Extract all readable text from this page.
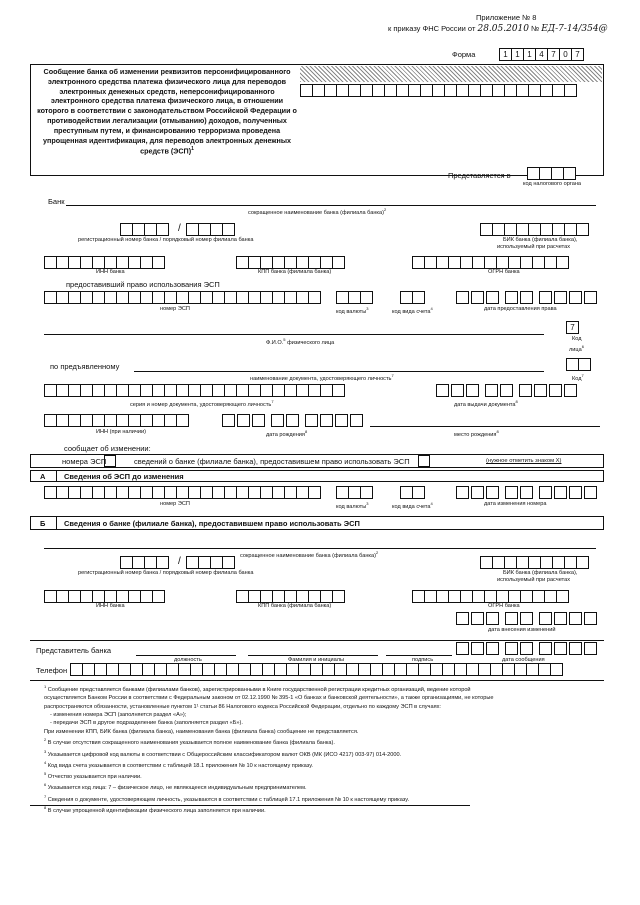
Приложение № 8
к приказу ФНС России от 28.05.2010 № ЕД-7-14/354@
Форма	1 1 1 4 7 0 7
Сообщение банка об изменении реквизитов персонифицированного электронного средства платежа физического лица для переводов электронных денежных средств, неперсонифицированного электронного средства платежа физического лица, в отношении которого в соответствии с законодательством Российской Федерации о противодействии легализации (отмыванию) доходов, полученных преступным путем, и финансированию терроризма проведена упрощенная идентификация, для переводов электронных денежных средств (ЭСП)$^1$
Представляется в
код налогового органа
Банк
сокращенное наименование банка (филиала банка)$^2$
/
регистрационный номер банка / порядковый номер филиала банка	БИК банка (филиала банка),
используемый при расчетах
ИНН банка	КПП банка (филиала банка)	ОГРН банка
предоставивший право использования ЭСП
номер ЭСП	код валюты$^3$
код вида счета$^4$	дата предоставления права
Ф.И.О.$^5$ физического лица
7
Код
лица$^6$
по предъявленному
наименование документа, удостоверяющего личность$^7$
Код$^7$
серия и номер документа, удостоверяющего личность$^7$
дата выдачи документа$^8$
ИНН (при наличии)	дата рождения$^8$
место рождения$^8$
сообщает об изменении:
номера ЭСП	сведений о банке (филиале банка), предоставившем право использовать ЭСП	(нужное отметить знаком Х)
А Сведения об ЭСП до изменения
номер ЭСП	код валюты$^3$
код вида счета$^4$	дата изменения номера
Б Сведения о банке (филиале банка), предоставившем право использовать ЭСП
сокращенное наименование банка (филиала банка)$^2$
/
регистрационный номер банка / порядковый номер филиала банка	БИК банка (филиала банка),
используемый при расчетах
ИНН банка	КПП банка (филиала банка)	ОГРН банка
дата внесения изменений
Представитель банка
должность	Фамилия и инициалы	подпись	дата сообщения
Телефон
$^1$ Сообщение представляется банками (филиалами банков), зарегистрированными в Книге государственной регистрации кредитных организаций, ведение которой
осуществляется Банком России в соответствии с Федеральным законом от 02.12.1990 № 395-1 «О банках и банковской деятельности», а также организациями, не которые
распространяются обязанности, установленные пунктом 1¹ статьи 86 Налогового кодекса Российской Федерации, отдельно по каждому ЭСП в случаях:
- изменения номера ЭСП (заполняется раздел «А»);
- передачи ЭСП в другое подразделение банка (заполняется раздел «Б»).
При изменении КПП, БИК банка (филиала банка), наименования банка (филиала банка) сообщение не представляется.
$^2$ В случае отсутствия сокращенного наименования указывается полное наименование банка (филиала банка).
$^3$ Указывается цифровой код валюты в соответствии с Общероссийским классификатором валют ОКВ (МК (ИСО 4217) 003-97) 014-2000.
$^4$ Код вида счета указывается в соответствии с таблицей 18.1 приложения № 10 к настоящему приказу.
$^5$ Отчество указывается при наличии.
$^6$ Указывается код лица: 7 – физическое лицо, не являющееся индивидуальным предпринимателем.
$^7$ Сведения о документе, удостоверяющем личность, указываются в соответствии с таблицей 17.1 приложения № 10 к настоящему приказу.
$^8$ В случае упрощенной идентификации физического лица заполняется при наличии.
